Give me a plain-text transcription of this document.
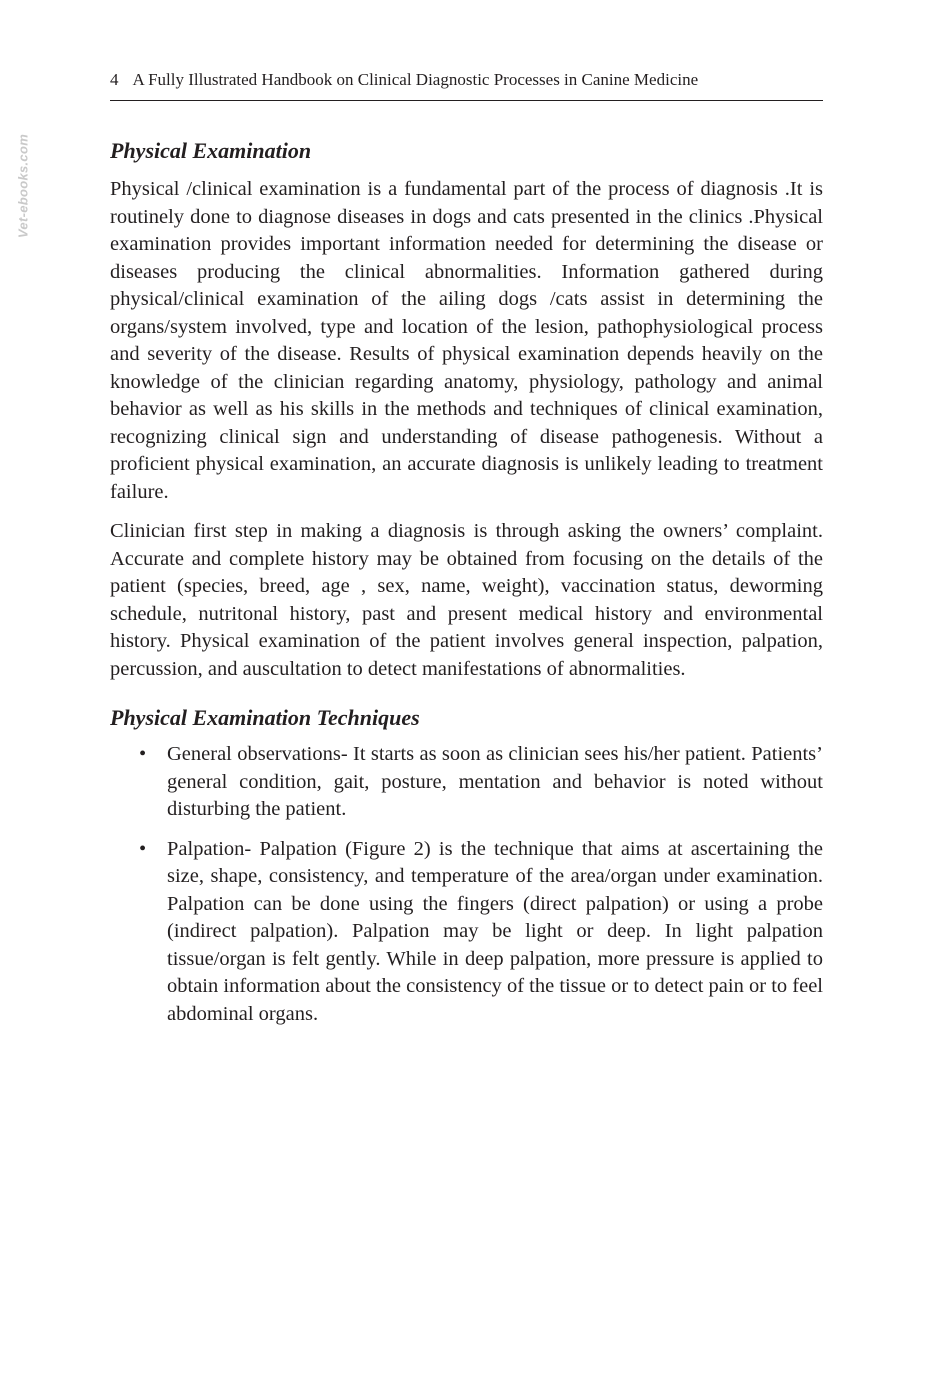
Vet-ebooks.com
4 A Fully Illustrated Handbook on Clinical Diagnostic Processes in Canine Medicine
Physical Examination

Physical /clinical examination is a fundamental part of the process of diagnosis .It is routinely done to diagnose diseases in dogs and cats presented in the clinics .Physical examination provides important information needed for determining the disease or diseases producing the clinical abnormalities. Information gathered during physical/clinical examination of the ailing dogs /cats assist in determining the organs/system involved, type and location of the lesion, pathophysiological process and severity of the disease. Results of physical examination depends heavily on the knowledge of the clinician regarding anatomy, physiology, pathology and animal behavior as well as his skills in the methods and techniques of clinical examination, recognizing clinical sign and understanding of disease pathogenesis. Without a proficient physical examination, an accurate diagnosis is unlikely leading to treatment failure.

Clinician first step in making a diagnosis is through asking the owners’ complaint. Accurate and complete history may be obtained from focusing on the details of the patient (species, breed, age , sex, name, weight), vaccination status, deworming schedule, nutritonal history, past and present medical history and environmental history. Physical examination of the patient involves general inspection, palpation, percussion, and auscultation to detect manifestations of abnormalities.

Physical Examination Techniques
• General observations- It starts as soon as clinician sees his/her patient. Patients’ general condition, gait, posture, mentation and behavior is noted without disturbing the patient.
• Palpation- Palpation (Figure 2) is the technique that aims at ascertaining the size, shape, consistency, and temperature of the area/organ under examination. Palpation can be done using the fingers (direct palpation) or using a probe (indirect palpation). Palpation may be light or deep. In light palpation tissue/organ is felt gently. While in deep palpation, more pressure is applied to obtain information about the consistency of the tissue or to detect pain or to feel abdominal organs.
